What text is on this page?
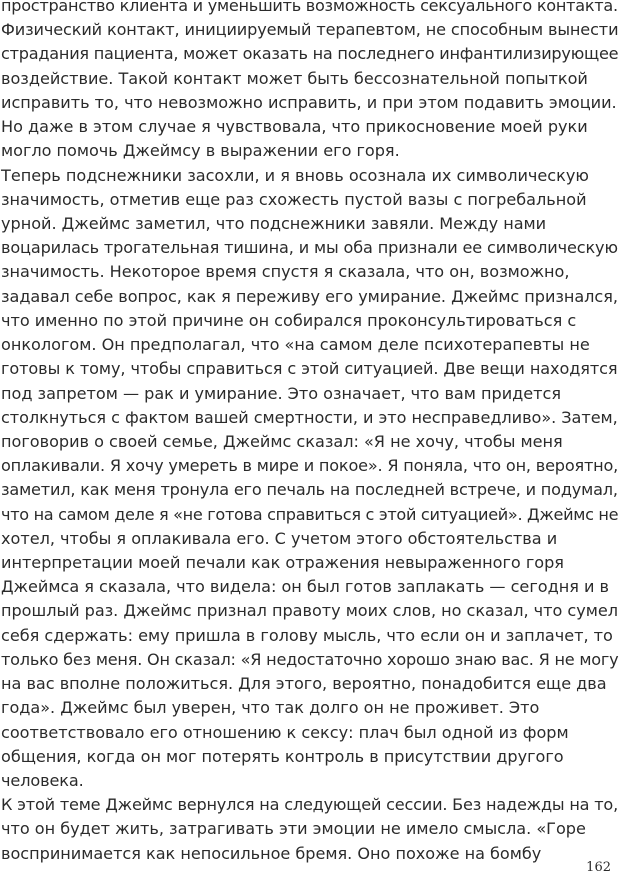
пространство клиента и уменьшить возможность сексуального контакта.
Физический контакт, инициируемый терапевтом, не способным вынести
страдания пациента, может оказать на последнего инфантилизирующее
воздействие. Такой контакт может быть бессознательной попыткой
исправить то, что невозможно исправить, и при этом подавить эмоции.
Но даже в этом случае я чувствовала, что прикосновение моей руки
могло помочь Джеймсу в выражении его горя.
Теперь подснежники засохли, и я вновь осознала их символическую
значимость, отметив еще раз схожесть пустой вазы с погребальной
урной. Джеймс заметил, что подснежники завяли. Между нами
воцарилась трогательная тишина, и мы оба признали ее символическую
значимость. Некоторое время спустя я сказала, что он, возможно,
задавал себе вопрос, как я переживу его умирание. Джеймс признался,
что именно по этой причине он собирался проконсультироваться с
онкологом. Он предполагал, что «на самом деле психотерапевты не
готовы к тому, чтобы справиться с этой ситуацией. Две вещи находятся
под запретом — рак и умирание. Это означает, что вам придется
столкнуться с фактом вашей смертности, и это несправедливо». Затем,
поговорив о своей семье, Джеймс сказал: «Я не хочу, чтобы меня
оплакивали. Я хочу умереть в мире и покое». Я поняла, что он, вероятно,
заметил, как меня тронула его печаль на последней встрече, и подумал,
что на самом деле я «не готова справиться с этой ситуацией». Джеймс не
хотел, чтобы я оплакивала его. С учетом этого обстоятельства и
интерпретации моей печали как отражения невыраженного горя
Джеймса я сказала, что видела: он был готов заплакать — сегодня и в
прошлый раз. Джеймс признал правоту моих слов, но сказал, что сумел
себя сдержать: ему пришла в голову мысль, что если он и заплачет, то
только без меня. Он сказал: «Я недостаточно хорошо знаю вас. Я не могу
на вас вполне положиться. Для этого, вероятно, понадобится еще два
года». Джеймс был уверен, что так долго он не проживет. Это
соответствовало его отношению к сексу: плач был одной из форм
общения, когда он мог потерять контроль в присутствии другого
человека.
К этой теме Джеймс вернулся на следующей сессии. Без надежды на то,
что он будет жить, затрагивать эти эмоции не имело смысла. «Горе
воспринимается как непосильное бремя. Оно похоже на бомбу
162
